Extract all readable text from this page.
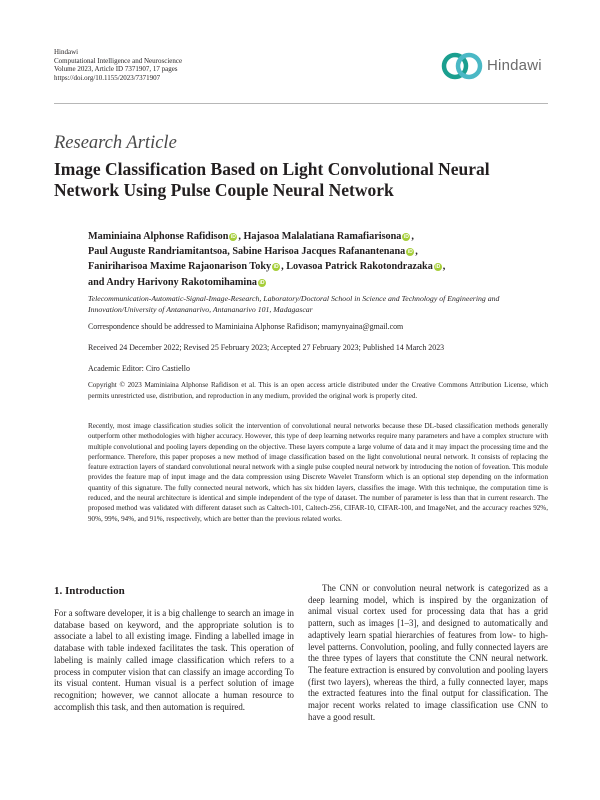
Hindawi
Computational Intelligence and Neuroscience
Volume 2023, Article ID 7371907, 17 pages
https://doi.org/10.1155/2023/7371907
Hindawi
Research Article
Image Classification Based on Light Convolutional Neural Network Using Pulse Couple Neural Network
Maminiaina Alphonse Rafidison iD , Hajasoa Malalatiana Ramafiarisona iD ,
Paul Auguste Randriamitantsoa, Sabine Harisoa Jacques Rafanantenana iD ,
Faniriharisoa Maxime Rajaonarison Toky iD , Lovasoa Patrick Rakotondrazaka iD ,
and Andry Harivony Rakotomihamina iD
Telecommunication-Automatic-Signal-Image-Research, Laboratory/Doctoral School in Science and Technology of Engineering and Innovation/University of Antananarivo, Antananarivo 101, Madagascar
Correspondence should be addressed to Maminiaina Alphonse Rafidison; mamynyaina@gmail.com
Received 24 December 2022; Revised 25 February 2023; Accepted 27 February 2023; Published 14 March 2023
Academic Editor: Ciro Castiello
Copyright © 2023 Maminiaina Alphonse Rafidison et al. This is an open access article distributed under the Creative Commons Attribution License, which permits unrestricted use, distribution, and reproduction in any medium, provided the original work is properly cited.
Recently, most image classification studies solicit the intervention of convolutional neural networks because these DL-based classification methods generally outperform other methodologies with higher accuracy. However, this type of deep learning networks require many parameters and have a complex structure with multiple convolutional and pooling layers depending on the objective. These layers compute a large volume of data and it may impact the processing time and the performance. Therefore, this paper proposes a new method of image classification based on the light convolutional neural network. It consists of replacing the feature extraction layers of standard convolutional neural network with a single pulse coupled neural network by introducing the notion of foveation. This module provides the feature map of input image and the data compression using Discrete Wavelet Transform which is an optional step depending on the information quantity of this signature. The fully connected neural network, which has six hidden layers, classifies the image. With this technique, the computation time is reduced, and the neural architecture is identical and simple independent of the type of dataset. The number of parameter is less than that in current research. The proposed method was validated with different dataset such as Caltech-101, Caltech-256, CIFAR-10, CIFAR-100, and ImageNet, and the accuracy reaches 92%, 90%, 99%, 94%, and 91%, respectively, which are better than the previous related works.
1. Introduction
For a software developer, it is a big challenge to search an image in database based on keyword, and the appropriate solution is to associate a label to all existing image. Finding a labelled image in database with table indexed facilitates the task. This operation of labeling is mainly called image classification which refers to a process in computer vision that can classify an image according To its visual content. Human visual is a perfect solution of image recognition; however, we cannot allocate a human resource to accomplish this task, and then automation is required.
The CNN or convolution neural network is categorized as a deep learning model, which is inspired by the organization of animal visual cortex used for processing data that has a grid pattern, such as images [1–3], and designed to automatically and adaptively learn spatial hierarchies of features from low- to high-level patterns. Convolution, pooling, and fully connected layers are the three types of layers that constitute the CNN neural network. The feature extraction is ensured by convolution and pooling layers (first two layers), whereas the third, a fully connected layer, maps the extracted features into the final output for classification. The major recent works related to image classification use CNN to have a good result.
